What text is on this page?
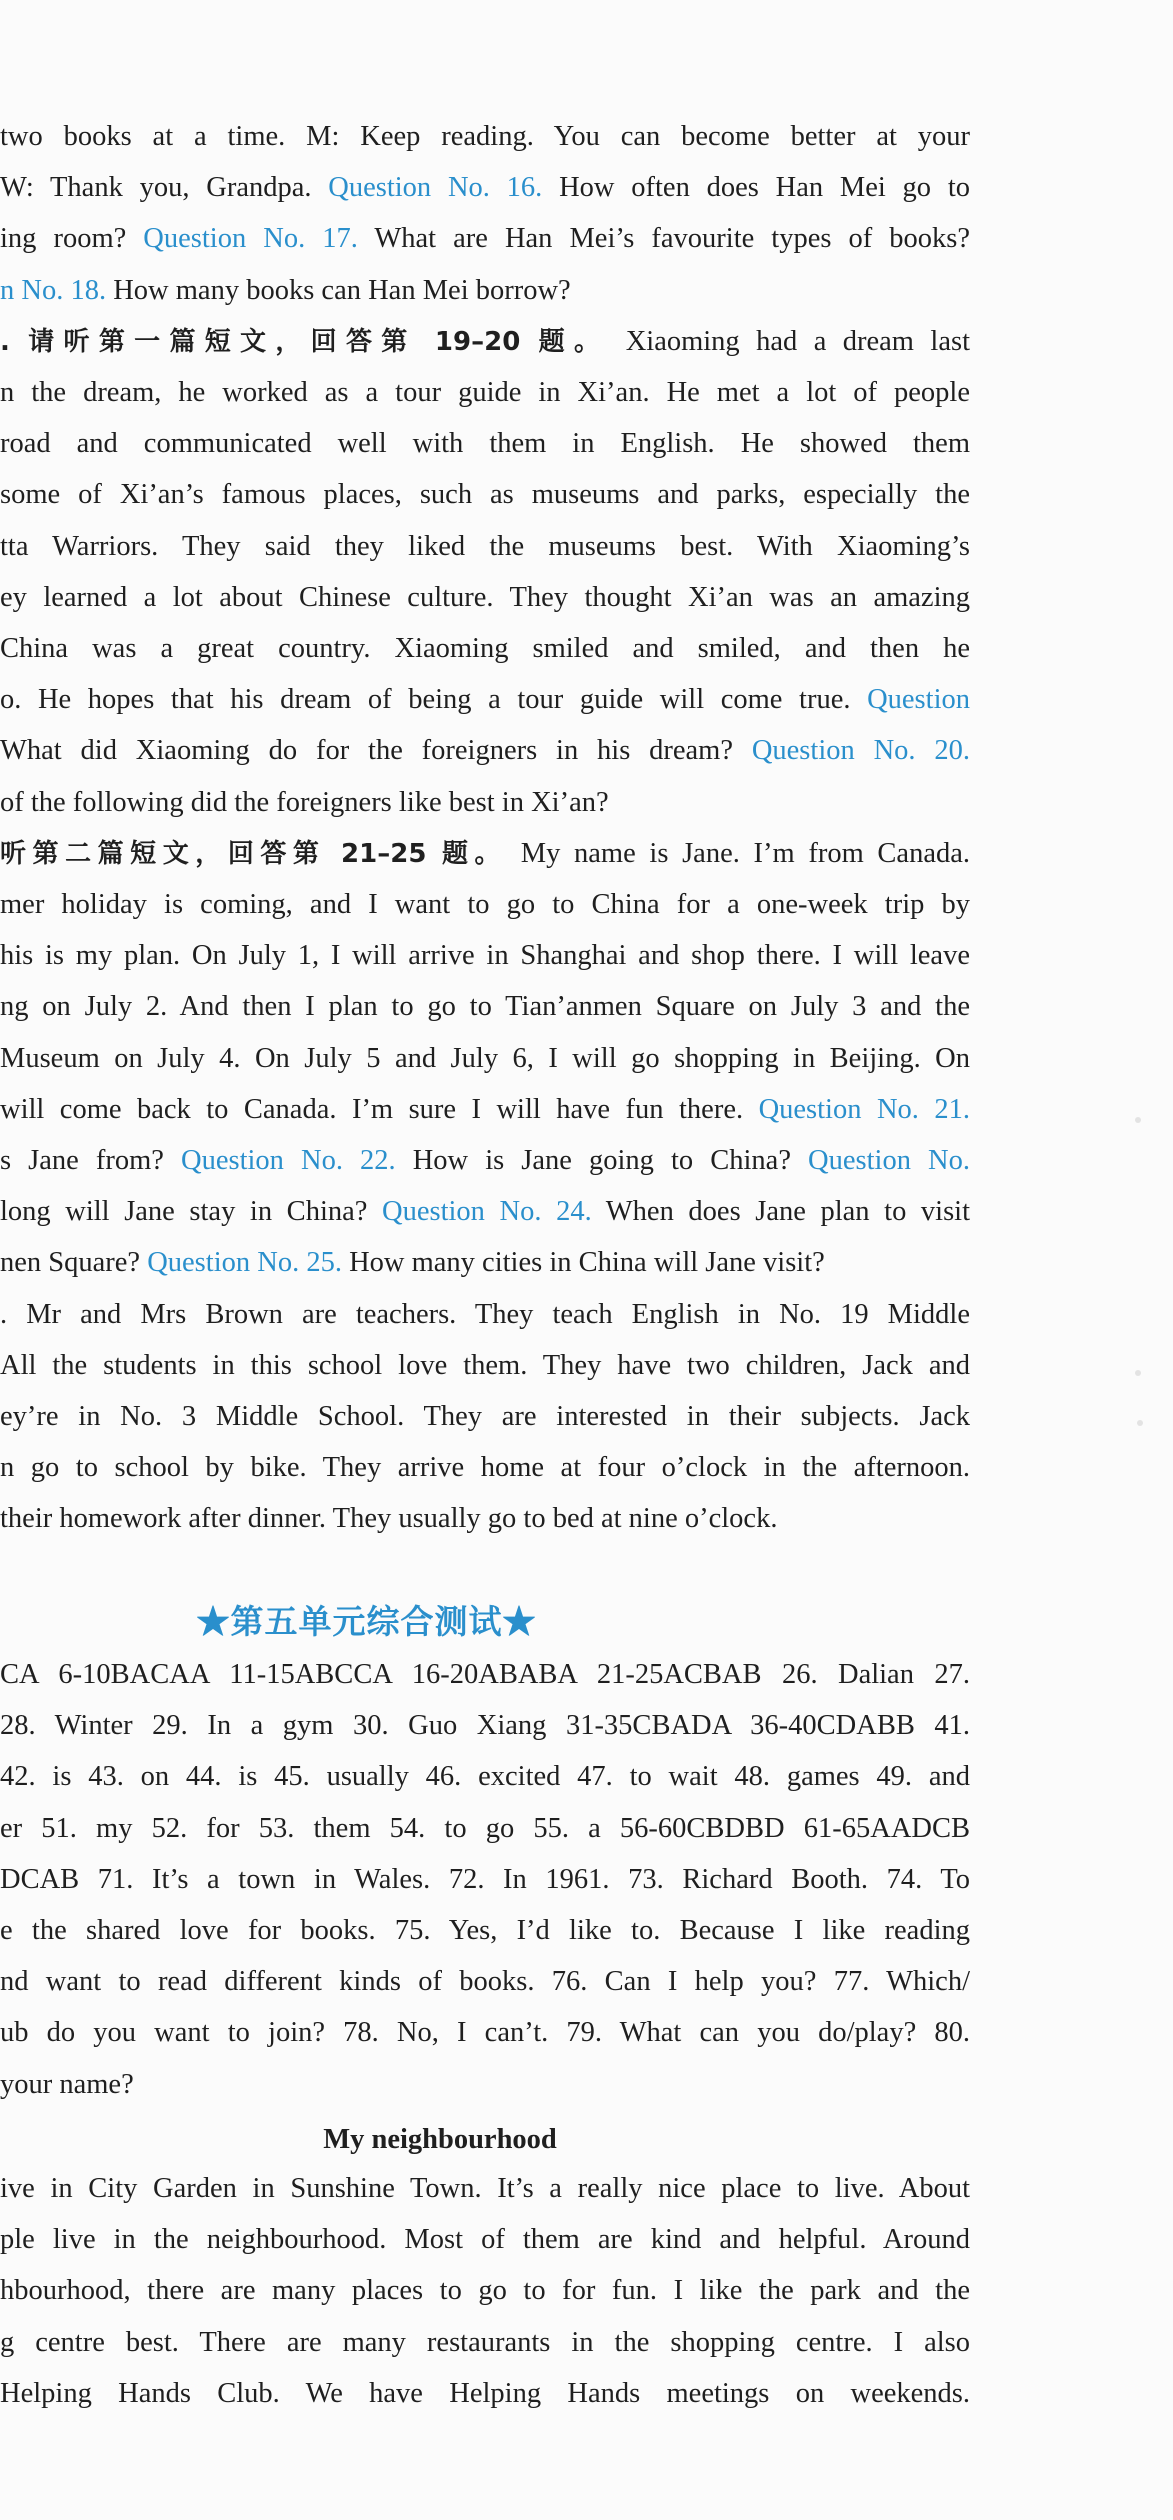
two books at a time. M: Keep reading. You can become better at your
W: Thank you, Grandpa. Question No. 16. How often does Han Mei go to
ing room? Question No. 17. What are Han Mei’s favourite types of books?
n No. 18. How many books can Han Mei borrow?
. 请听第一篇短文，回答第 19–20 题。 Xiaoming had a dream last
n the dream, he worked as a tour guide in Xi’an. He met a lot of people
road and communicated well with them in English. He showed them
some of Xi’an’s famous places, such as museums and parks, especially the
tta Warriors. They said they liked the museums best. With Xiaoming’s
ey learned a lot about Chinese culture. They thought Xi’an was an amazing
China was a great country. Xiaoming smiled and smiled, and then he
o. He hopes that his dream of being a tour guide will come true. Question
What did Xiaoming do for the foreigners in his dream? Question No. 20.
of the following did the foreigners like best in Xi’an?
听第二篇短文，回答第 21–25 题。 My name is Jane. I’m from Canada.
mer holiday is coming, and I want to go to China for a one-week trip by
his is my plan. On July 1, I will arrive in Shanghai and shop there. I will leave
ng on July 2. And then I plan to go to Tian’anmen Square on July 3 and the
Museum on July 4. On July 5 and July 6, I will go shopping in Beijing. On
will come back to Canada. I’m sure I will have fun there. Question No. 21.
s Jane from? Question No. 22. How is Jane going to China? Question No.
long will Jane stay in China? Question No. 24. When does Jane plan to visit
nen Square? Question No. 25. How many cities in China will Jane visit?
. Mr and Mrs Brown are teachers. They teach English in No. 19 Middle
All the students in this school love them. They have two children, Jack and
ey’re in No. 3 Middle School. They are interested in their subjects. Jack
n go to school by bike. They arrive home at four o’clock in the afternoon.
their homework after dinner. They usually go to bed at nine o’clock.
★第五单元综合测试★
CA 6-10BACAA 11-15ABCCA 16-20ABABA 21-25ACBAB 26. Dalian 27.
28. Winter 29. In a gym 30. Guo Xiang 31-35CBADA 36-40CDABB 41.
42. is 43. on 44. is 45. usually 46. excited 47. to wait 48. games 49. and
er 51. my 52. for 53. them 54. to go 55. a 56-60CBDBD 61-65AADCB
DCAB 71. It’s a town in Wales. 72. In 1961. 73. Richard Booth. 74. To
e the shared love for books. 75. Yes, I’d like to. Because I like reading
nd want to read different kinds of books. 76. Can I help you? 77. Which/
ub do you want to join? 78. No, I can’t. 79. What can you do/play? 80.
your name?
My neighbourhood
ive in City Garden in Sunshine Town. It’s a really nice place to live. About
ple live in the neighbourhood. Most of them are kind and helpful. Around
hbourhood, there are many places to go to for fun. I like the park and the
g centre best. There are many restaurants in the shopping centre. I also
Helping Hands Club. We have Helping Hands meetings on weekends.
